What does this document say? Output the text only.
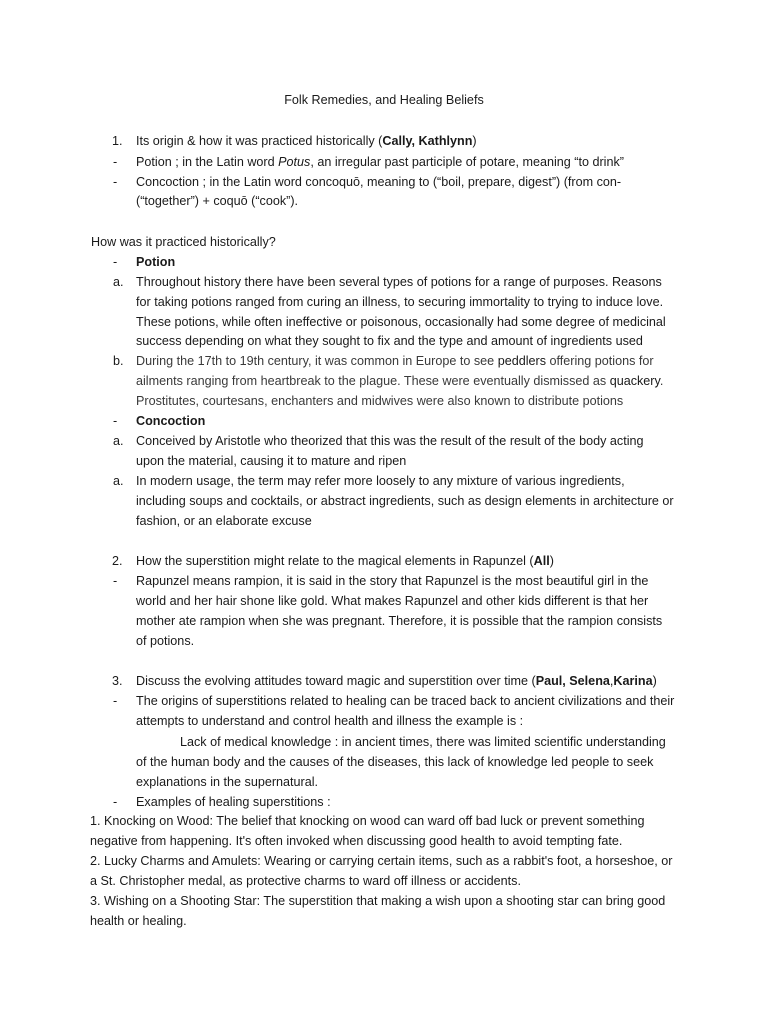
Folk Remedies, and Healing Beliefs
1. Its origin & how it was practiced historically (Cally, Kathlynn)
- Potion ; in the Latin word Potus, an irregular past participle of potare, meaning “to drink”
- Concoction ; in the Latin word concoquō, meaning to (“boil, prepare, digest”) (from con-
(“together”) + coquō (“cook”).
How was it practiced historically?
- Potion
a. Throughout history there have been several types of potions for a range of purposes. Reasons
for taking potions ranged from curing an illness, to securing immortality to trying to induce love.
These potions, while often ineffective or poisonous, occasionally had some degree of medicinal
success depending on what they sought to fix and the type and amount of ingredients used
b. During the 17th to 19th century, it was common in Europe to see peddlers offering potions for
ailments ranging from heartbreak to the plague. These were eventually dismissed as quackery.
Prostitutes, courtesans, enchanters and midwives were also known to distribute potions
- Concoction
a. Conceived by Aristotle who theorized that this was the result of the result of the body acting
upon the material, causing it to mature and ripen
a. In modern usage, the term may refer more loosely to any mixture of various ingredients,
including soups and cocktails, or abstract ingredients, such as design elements in architecture or
fashion, or an elaborate excuse
2. How the superstition might relate to the magical elements in Rapunzel (All)
- Rapunzel means rampion, it is said in the story that Rapunzel is the most beautiful girl in the
world and her hair shone like gold. What makes Rapunzel and other kids different is that her
mother ate rampion when she was pregnant. Therefore, it is possible that the rampion consists
of potions.
3. Discuss the evolving attitudes toward magic and superstition over time (Paul, Selena,Karina)
- The origins of superstitions related to healing can be traced back to ancient civilizations and their
attempts to understand and control health and illness the example is :
Lack of medical knowledge : in ancient times, there was limited scientific understanding
of the human body and the causes of the diseases, this lack of knowledge led people to seek
explanations in the supernatural.
- Examples of healing superstitions :
1. Knocking on Wood: The belief that knocking on wood can ward off bad luck or prevent something
negative from happening. It's often invoked when discussing good health to avoid tempting fate.
2. Lucky Charms and Amulets: Wearing or carrying certain items, such as a rabbit's foot, a horseshoe, or
a St. Christopher medal, as protective charms to ward off illness or accidents.
3. Wishing on a Shooting Star: The superstition that making a wish upon a shooting star can bring good
health or healing.
